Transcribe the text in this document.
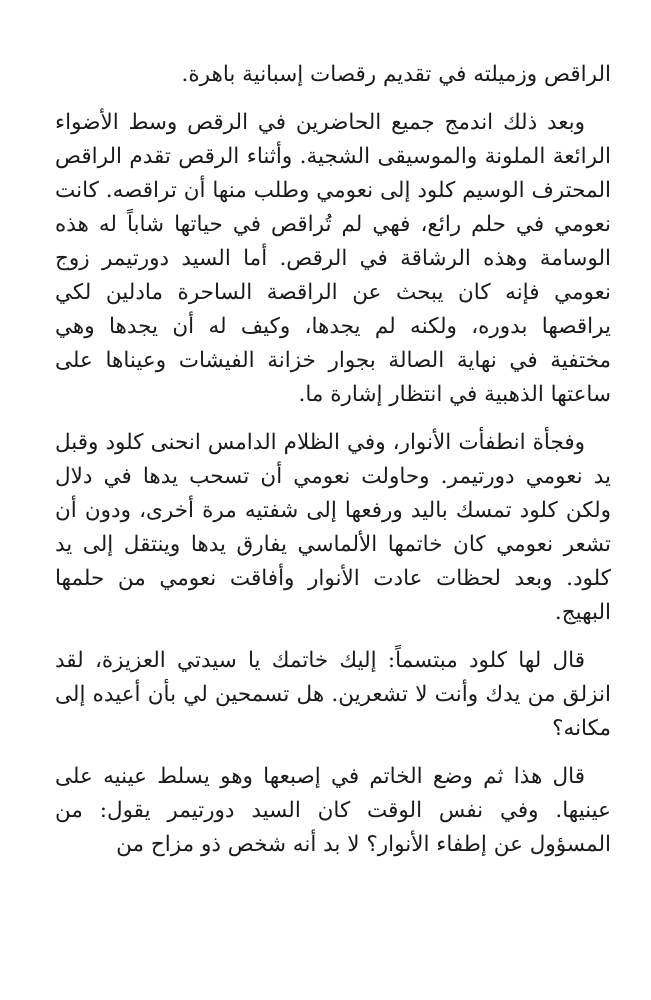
الراقص وزميلته في تقديم رقصات إسبانية باهرة.

وبعد ذلك اندمج جميع الحاضرين في الرقص وسط الأضواء الرائعة الملونة والموسيقى الشجية. وأثناء الرقص تقدم الراقص المحترف الوسيم كلود إلى نعومي وطلب منها أن تراقصه. كانت نعومي في حلم رائع، فهي لم تُراقص في حياتها شاباً له هذه الوسامة وهذه الرشاقة في الرقص. أما السيد دورتيمر زوج نعومي فإنه كان يبحث عن الراقصة الساحرة مادلين لكي يراقصها بدوره، ولكنه لم يجدها، وكيف له أن يجدها وهي مختفية في نهاية الصالة بجوار خزانة الفيشات وعيناها على ساعتها الذهبية في انتظار إشارة ما.

وفجأة انطفأت الأنوار، وفي الظلام الدامس انحنى كلود وقبل يد نعومي دورتيمر. وحاولت نعومي أن تسحب يدها في دلال ولكن كلود تمسك باليد ورفعها إلى شفتيه مرة أخرى، ودون أن تشعر نعومي كان خاتمها الألماسي يفارق يدها وينتقل إلى يد كلود. وبعد لحظات عادت الأنوار وأفاقت نعومي من حلمها البهيج.

قال لها كلود مبتسماً: إليك خاتمك يا سيدتي العزيزة، لقد انزلق من يدك وأنت لا تشعرين. هل تسمحين لي بأن أعيده إلى مكانه؟

قال هذا ثم وضع الخاتم في إصبعها وهو يسلط عينيه على عينيها. وفي نفس الوقت كان السيد دورتيمر يقول: من المسؤول عن إطفاء الأنوار؟ لا بد أنه شخص ذو مزاح من
